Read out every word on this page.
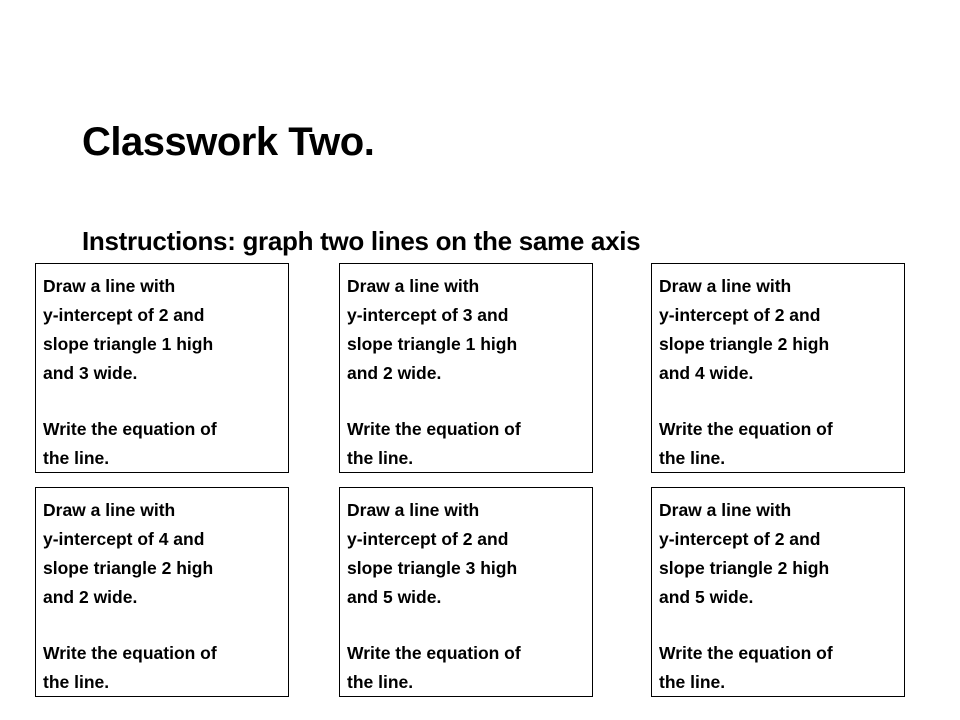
Classwork Two.
Instructions: graph two lines on the same axis
Draw a line with
y-intercept of 2 and
slope triangle 1 high
and 3 wide.
Write the equation of
the line.
Draw a line with
y-intercept of 3 and
slope triangle 1 high
and 2 wide.
Write the equation of
the line.
Draw a line with
y-intercept of 2 and
slope triangle 2 high
and 4 wide.
Write the equation of
the line.
Draw a line with
y-intercept of 4 and
slope triangle 2 high
and 2 wide.
Write the equation of
the line.
Draw a line with
y-intercept of 2 and
slope triangle 3 high
and 5 wide.
Write the equation of
the line.
Draw a line with
y-intercept of 2 and
slope triangle 2 high
and 5 wide.
Write the equation of
the line.
